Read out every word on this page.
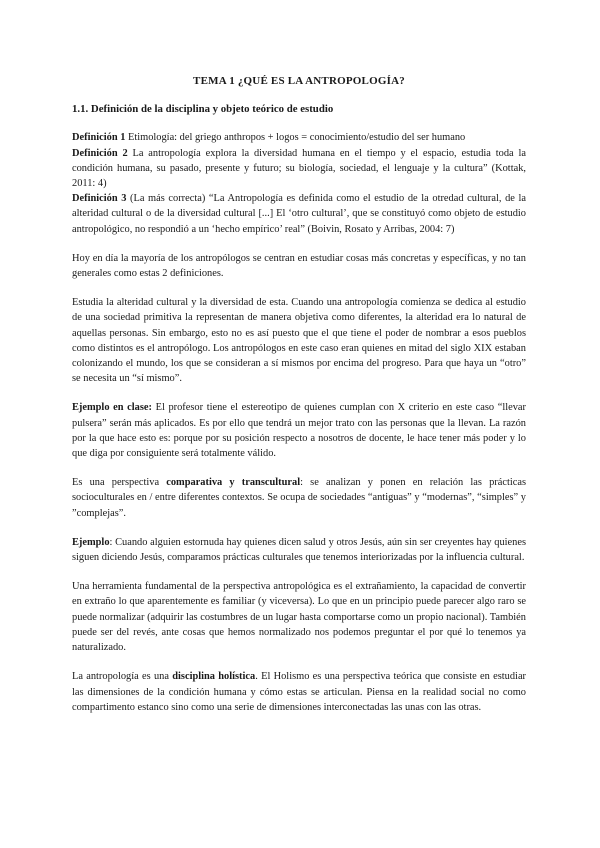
TEMA 1 ¿QUÉ ES LA ANTROPOLOGÍA?
1.1. Definición de la disciplina y objeto teórico de estudio

Definición 1 Etimología: del griego anthropos + logos = conocimiento/estudio del ser humano

Definición 2 La antropología explora la diversidad humana en el tiempo y el espacio, estudia toda la condición humana, su pasado, presente y futuro; su biología, sociedad, el lenguaje y la cultura” (Kottak, 2011: 4)

Definición 3 (La más correcta) “La Antropología es definida como el estudio de la otredad cultural, de la alteridad cultural o de la diversidad cultural [...] El ‘otro cultural’, que se constituyó como objeto de estudio antropológico, no respondió a un ‘hecho empírico’ real” (Boivin, Rosato y Arribas, 2004: 7)

Hoy en día la mayoría de los antropólogos se centran en estudiar cosas más concretas y específicas, y no tan generales como estas 2 definiciones.

Estudia la alteridad cultural y la diversidad de esta. Cuando una antropología comienza se dedica al estudio de una sociedad primitiva la representan de manera objetiva como diferentes, la alteridad era lo natural de aquellas personas. Sin embargo, esto no es así puesto que el que tiene el poder de nombrar a esos pueblos como distintos es el antropólogo. Los antropólogos en este caso eran quienes en mitad del siglo XIX estaban colonizando el mundo, los que se consideran a sí mismos por encima del progreso. Para que haya un “otro” se necesita un “sí mismo”.

Ejemplo en clase: El profesor tiene el estereotipo de quienes cumplan con X criterio en este caso “llevar pulsera” serán más aplicados. Es por ello que tendrá un mejor trato con las personas que la llevan. La razón por la que hace esto es: porque por su posición respecto a nosotros de docente, le hace tener más poder y lo que diga por consiguiente será totalmente válido.

Es una perspectiva comparativa y transcultural: se analizan y ponen en relación las prácticas socioculturales en / entre diferentes contextos. Se ocupa de sociedades “antiguas” y “modernas”, “simples” y ”complejas”.

Ejemplo: Cuando alguien estornuda hay quienes dicen salud y otros Jesús, aún sin ser creyentes hay quienes siguen diciendo Jesús, comparamos prácticas culturales que tenemos interiorizadas por la influencia cultural.

Una herramienta fundamental de la perspectiva antropológica es el extrañamiento, la capacidad de convertir en extraño lo que aparentemente es familiar (y viceversa). Lo que en un principio puede parecer algo raro se puede normalizar (adquirir las costumbres de un lugar hasta comportarse como un propio nacional). También puede ser del revés, ante cosas que hemos normalizado nos podemos preguntar el por qué lo tenemos ya naturalizado.

La antropología es una disciplina holística. El Holismo es una perspectiva teórica que consiste en estudiar las dimensiones de la condición humana y cómo estas se articulan. Piensa en la realidad social no como compartimento estanco sino como una serie de dimensiones interconectadas las unas con las otras.
